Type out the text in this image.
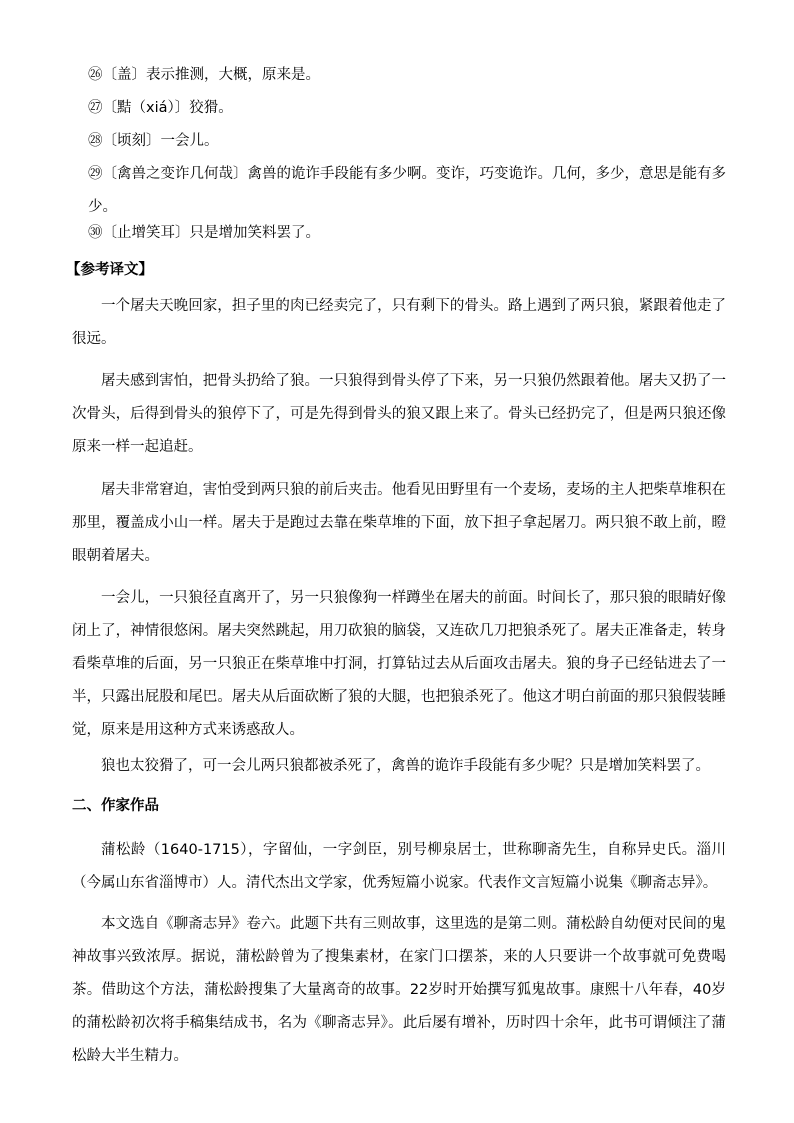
㉖〔盖〕表示推测，大概，原来是。
㉗〔黠（xiá）〕狡猾。
㉘〔顷刻〕一会儿。
㉙〔禽兽之变诈几何哉〕禽兽的诡诈手段能有多少啊。变诈，巧变诡诈。几何，多少，意思是能有多少。
㉚〔止增笑耳〕只是增加笑料罢了。
【参考译文】
一个屠夫天晚回家，担子里的肉已经卖完了，只有剩下的骨头。路上遇到了两只狼，紧跟着他走了很远。
屠夫感到害怕，把骨头扔给了狼。一只狼得到骨头停了下来，另一只狼仍然跟着他。屠夫又扔了一次骨头，后得到骨头的狼停下了，可是先得到骨头的狼又跟上来了。骨头已经扔完了，但是两只狼还像原来一样一起追赶。
屠夫非常窘迫，害怕受到两只狼的前后夹击。他看见田野里有一个麦场，麦场的主人把柴草堆积在那里，覆盖成小山一样。屠夫于是跑过去靠在柴草堆的下面，放下担子拿起屠刀。两只狼不敢上前，瞪眼朝着屠夫。
一会儿，一只狼径直离开了，另一只狼像狗一样蹲坐在屠夫的前面。时间长了，那只狼的眼睛好像闭上了，神情很悠闲。屠夫突然跳起，用刀砍狼的脑袋，又连砍几刀把狼杀死了。屠夫正准备走，转身看柴草堆的后面，另一只狼正在柴草堆中打洞，打算钻过去从后面攻击屠夫。狼的身子已经钻进去了一半，只露出屁股和尾巴。屠夫从后面砍断了狼的大腿，也把狼杀死了。他这才明白前面的那只狼假装睡觉，原来是用这种方式来诱惑敌人。
狼也太狡猾了，可一会儿两只狼都被杀死了，禽兽的诡诈手段能有多少呢？只是增加笑料罢了。
二、作家作品
蒲松龄（1640-1715），字留仙，一字剑臣，别号柳泉居士，世称聊斋先生，自称异史氏。淄川（今属山东省淄博市）人。清代杰出文学家，优秀短篇小说家。代表作文言短篇小说集《聊斋志异》。
本文选自《聊斋志异》卷六。此题下共有三则故事，这里选的是第二则。蒲松龄自幼便对民间的鬼神故事兴致浓厚。据说，蒲松龄曾为了搜集素材，在家门口摆茶，来的人只要讲一个故事就可免费喝茶。借助这个方法，蒲松龄搜集了大量离奇的故事。22岁时开始撰写狐鬼故事。康熙十八年春，40岁的蒲松龄初次将手稿集结成书，名为《聊斋志异》。此后屡有增补，历时四十余年，此书可谓倾注了蒲松龄大半生精力。
